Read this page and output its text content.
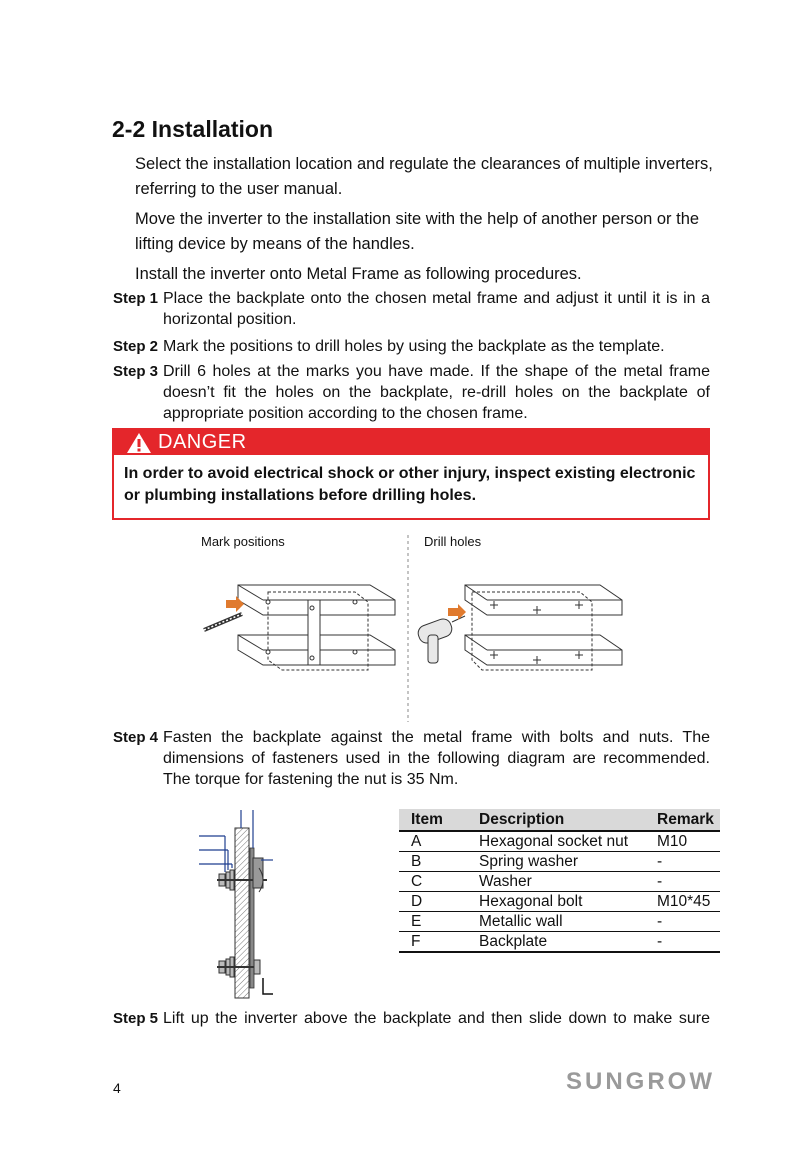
2-2 Installation
Select the installation location and regulate the clearances of multiple inverters,
referring to the user manual.
Move the inverter to the installation site with the help of another person or the
lifting device by means of the handles.
Install the inverter onto Metal Frame as following procedures.
Step 1 Place the backplate onto the chosen metal frame and adjust it until it is in a horizontal position.
Step 2 Mark the positions to drill holes by using the backplate as the template.
Step 3 Drill 6 holes at the marks you have made. If the shape of the metal frame doesn’t fit the holes on the backplate, re-drill holes on the backplate of appropriate position according to the chosen frame.
DANGER
In order to avoid electrical shock or other injury, inspect existing electronic or plumbing installations before drilling holes.
Mark positions	Drill holes
Step 4 Fasten the backplate against the metal frame with bolts and nuts. The dimensions of fasteners used in the following diagram are recommended. The torque for fastening the nut is 35 Nm.
Item	Description	Remark
A	Hexagonal socket nut	M10
B	Spring washer	-
C	Washer	-
D	Hexagonal bolt	M10*45
E	Metallic wall	-
F	Backplate	-
Step 5 Lift up the inverter above the backplate and then slide down to make sure
4	SUNGROW
